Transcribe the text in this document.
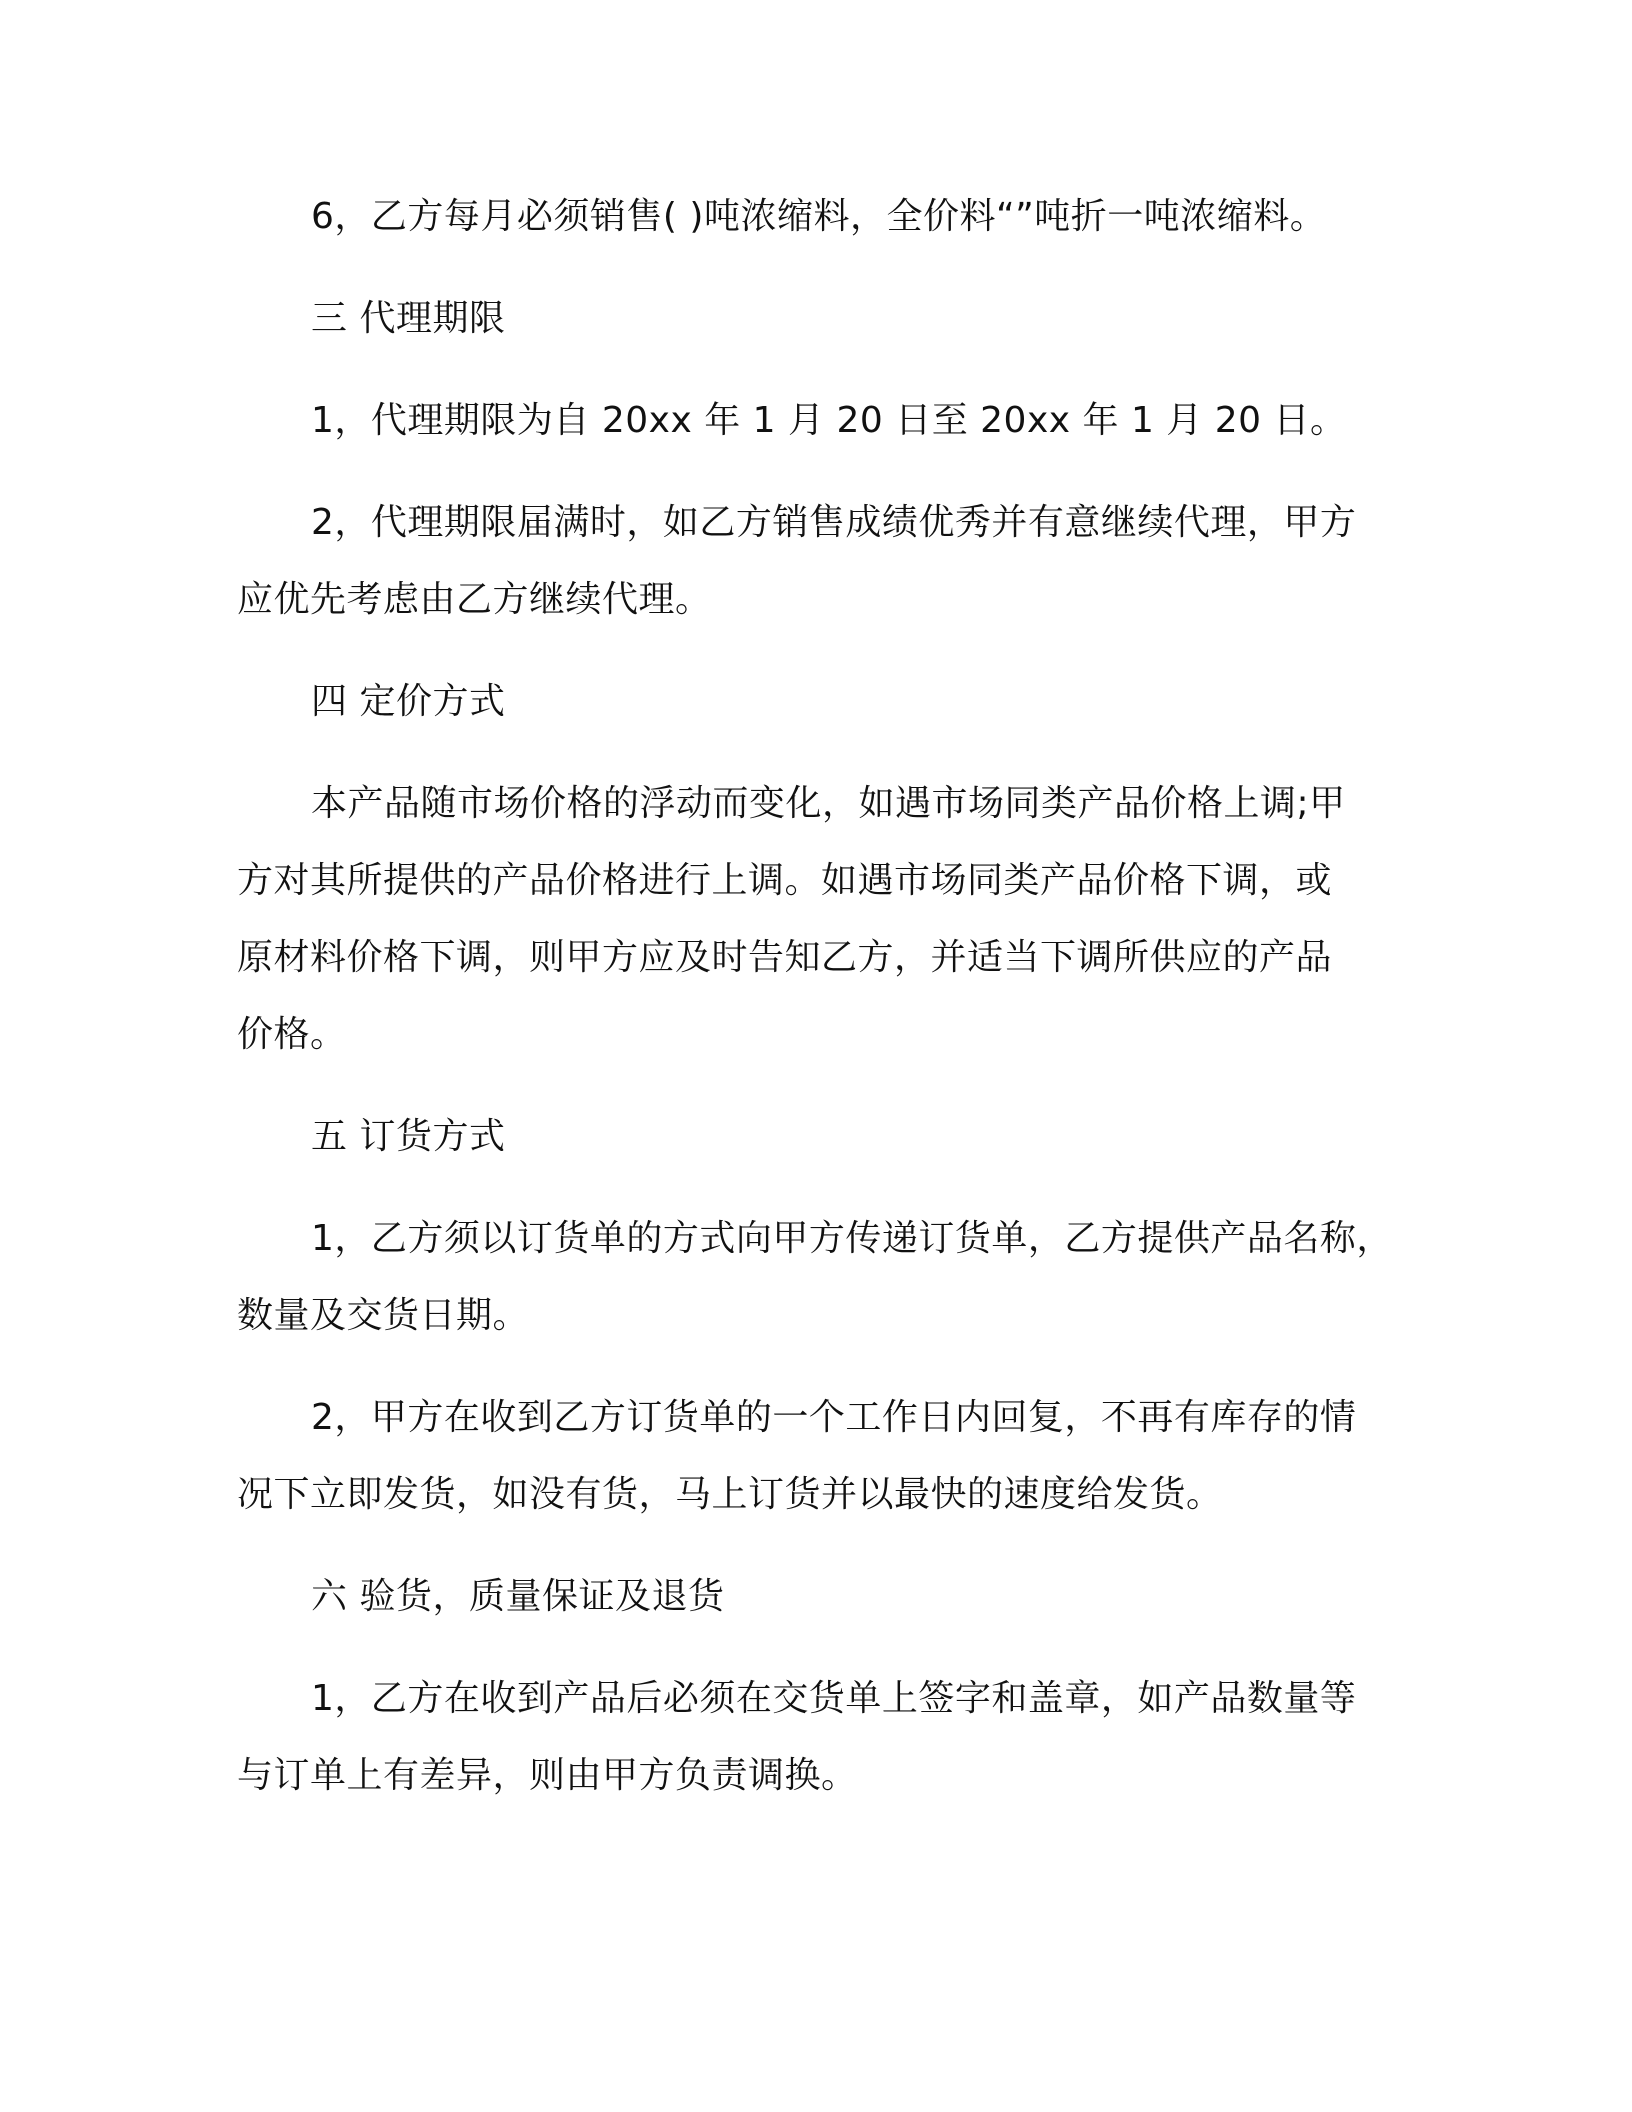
6，乙方每月必须销售( )吨浓缩料，全价料“”吨折一吨浓缩料。

三 代理期限

1，代理期限为自 20xx 年 1 月 20 日至 20xx 年 1 月 20 日。

2，代理期限届满时，如乙方销售成绩优秀并有意继续代理，甲方

应优先考虑由乙方继续代理。

四 定价方式

本产品随市场价格的浮动而变化，如遇市场同类产品价格上调;甲

方对其所提供的产品价格进行上调。如遇市场同类产品价格下调，或

原材料价格下调，则甲方应及时告知乙方，并适当下调所供应的产品

价格。

五 订货方式

1，乙方须以订货单的方式向甲方传递订货单，乙方提供产品名称，

数量及交货日期。

2，甲方在收到乙方订货单的一个工作日内回复，不再有库存的情

况下立即发货，如没有货，马上订货并以最快的速度给发货。

六 验货，质量保证及退货

1，乙方在收到产品后必须在交货单上签字和盖章，如产品数量等

与订单上有差异，则由甲方负责调换。
